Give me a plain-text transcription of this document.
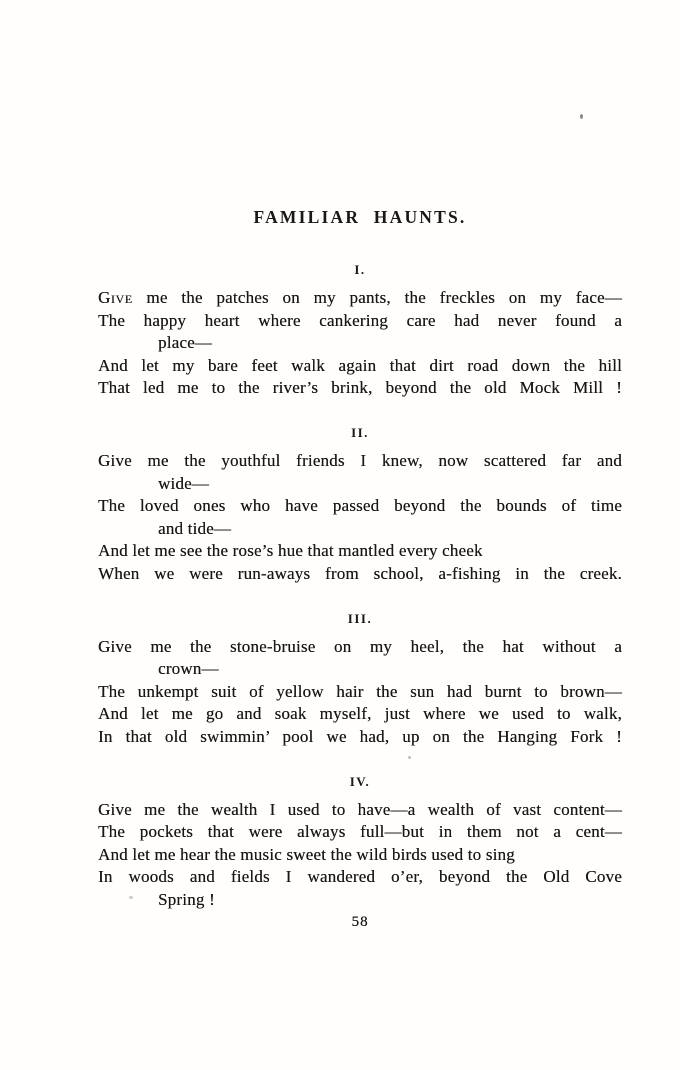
FAMILIAR HAUNTS.
I.
Give me the patches on my pants, the freckles on my face—
The happy heart where cankering care had never found a
place—
And let my bare feet walk again that dirt road down the hill
That led me to the river’s brink, beyond the old Mock Mill !
II.
Give me the youthful friends I knew, now scattered far and
wide—
The loved ones who have passed beyond the bounds of time
and tide—
And let me see the rose’s hue that mantled every cheek
When we were run-aways from school, a-fishing in the creek.
III.
Give me the stone-bruise on my heel, the hat without a
crown—
The unkempt suit of yellow hair the sun had burnt to brown—
And let me go and soak myself, just where we used to walk,
In that old swimmin’ pool we had, up on the Hanging Fork !
IV.
Give me the wealth I used to have—a wealth of vast content—
The pockets that were always full—but in them not a cent—
And let me hear the music sweet the wild birds used to sing
In woods and fields I wandered o’er, beyond the Old Cove
Spring !
58
